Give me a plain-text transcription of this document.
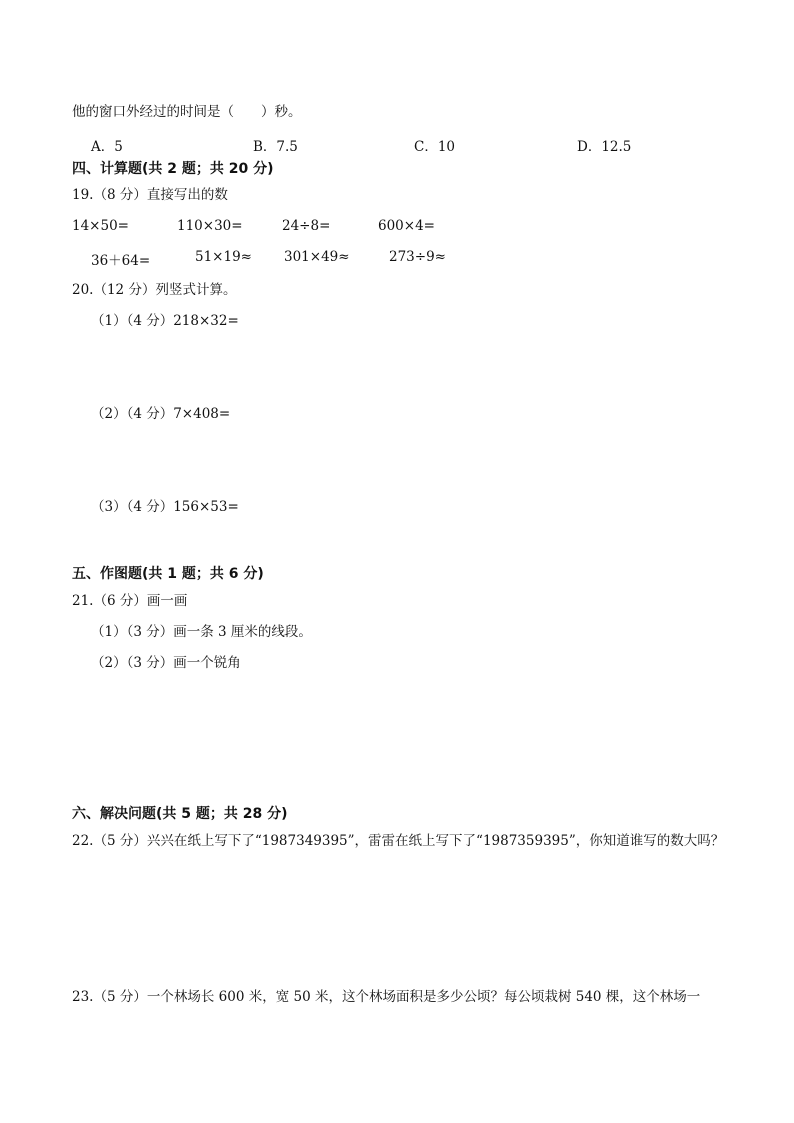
他的窗口外经过的时间是（　　）秒。
A．5	B．7.5	C．10	D．12.5
四、计算题(共 2 题；共 20 分)
19.（8 分）直接写出的数
14×50=	110×30=	24÷8=	600×4=
36＋64=	51×19≈ 301×49≈	273÷9≈
20.（12 分）列竖式计算。
（1）（4 分）218×32=
（2）（4 分）7×408=
（3）（4 分）156×53=
五、作图题(共 1 题；共 6 分)
21.（6 分）画一画
（1）（3 分）画一条 3 厘米的线段。
（2）（3 分）画一个锐角
六、解决问题(共 5 题；共 28 分)
22.（5 分）兴兴在纸上写下了“1987349395”，雷雷在纸上写下了“1987359395”，你知道谁写的数大吗？
23.（5 分）一个林场长 600 米，宽 50 米，这个林场面积是多少公顷？每公顷栽树 540 棵，这个林场一
